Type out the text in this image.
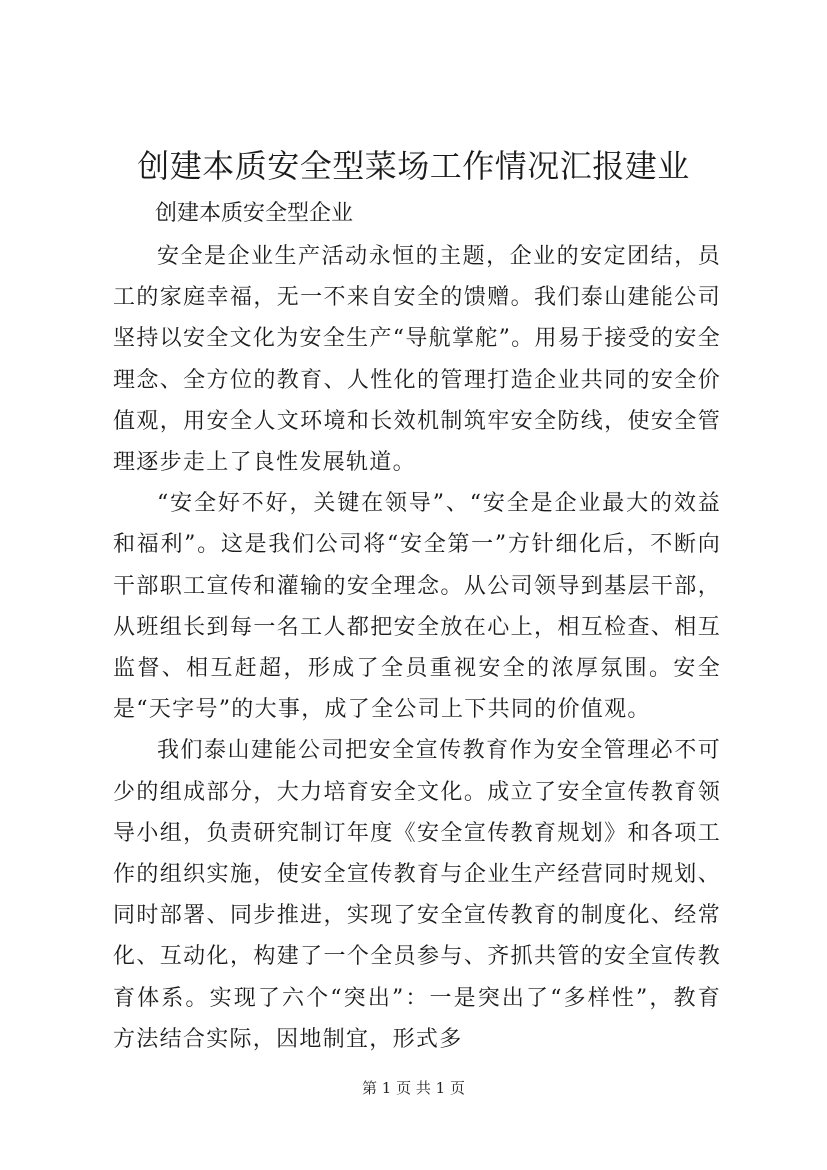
创建本质安全型菜场工作情况汇报建业

创建本质安全型企业

安全是企业生产活动永恒的主题，企业的安定团结，员工的家庭幸福，无一不来自安全的馈赠。我们泰山建能公司坚持以安全文化为安全生产“导航掌舵”。用易于接受的安全理念、全方位的教育、人性化的管理打造企业共同的安全价值观，用安全人文环境和长效机制筑牢安全防线，使安全管理逐步走上了良性发展轨道。

“安全好不好，关键在领导”、“安全是企业最大的效益和福利”。这是我们公司将“安全第一”方针细化后，不断向干部职工宣传和灌输的安全理念。从公司领导到基层干部，从班组长到每一名工人都把安全放在心上，相互检查、相互监督、相互赶超，形成了全员重视安全的浓厚氛围。安全是“天字号”的大事，成了全公司上下共同的价值观。

我们泰山建能公司把安全宣传教育作为安全管理必不可少的组成部分，大力培育安全文化。成立了安全宣传教育领导小组，负责研究制订年度《安全宣传教育规划》和各项工作的组织实施，使安全宣传教育与企业生产经营同时规划、同时部署、同步推进，实现了安全宣传教育的制度化、经常化、互动化，构建了一个全员参与、齐抓共管的安全宣传教育体系。实现了六个“突出”：一是突出了“多样性”，教育方法结合实际，因地制宜，形式多

第 1 页 共 1 页
